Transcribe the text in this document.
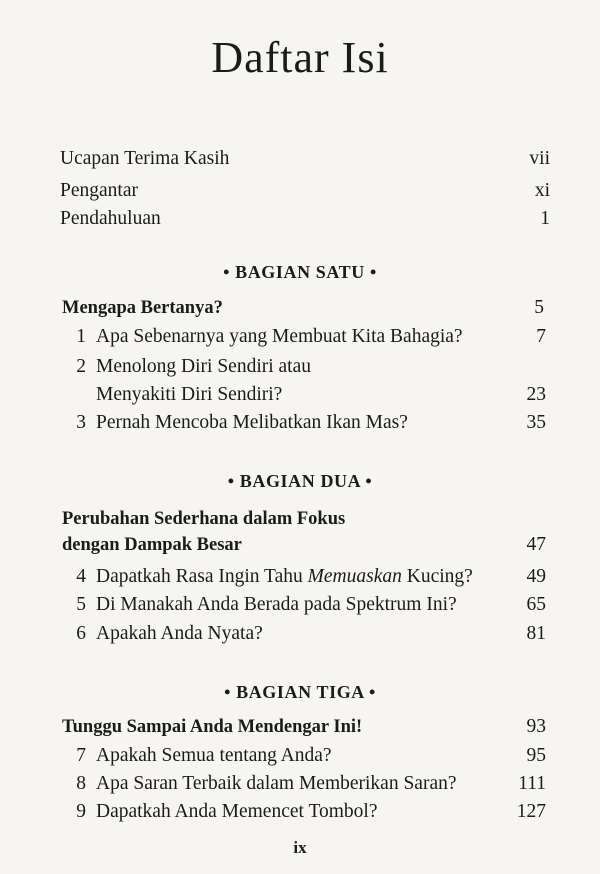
Daftar Isi
Ucapan Terima Kasih	vii
Pengantar	xi
Pendahuluan	1
• BAGIAN SATU •
Mengapa Bertanya?	5
1 Apa Sebenarnya yang Membuat Kita Bahagia?	7
2 Menolong Diri Sendiri atau
Menyakiti Diri Sendiri?	23
3 Pernah Mencoba Melibatkan Ikan Mas?	35
• BAGIAN DUA •
Perubahan Sederhana dalam Fokus
dengan Dampak Besar	47
4 Dapatkah Rasa Ingin Tahu Memuaskan Kucing?	49
5 Di Manakah Anda Berada pada Spektrum Ini?	65
6 Apakah Anda Nyata?	81
• BAGIAN TIGA •
Tunggu Sampai Anda Mendengar Ini!	93
7 Apakah Semua tentang Anda?	95
8 Apa Saran Terbaik dalam Memberikan Saran?	111
9 Dapatkah Anda Memencet Tombol?	127
ix
